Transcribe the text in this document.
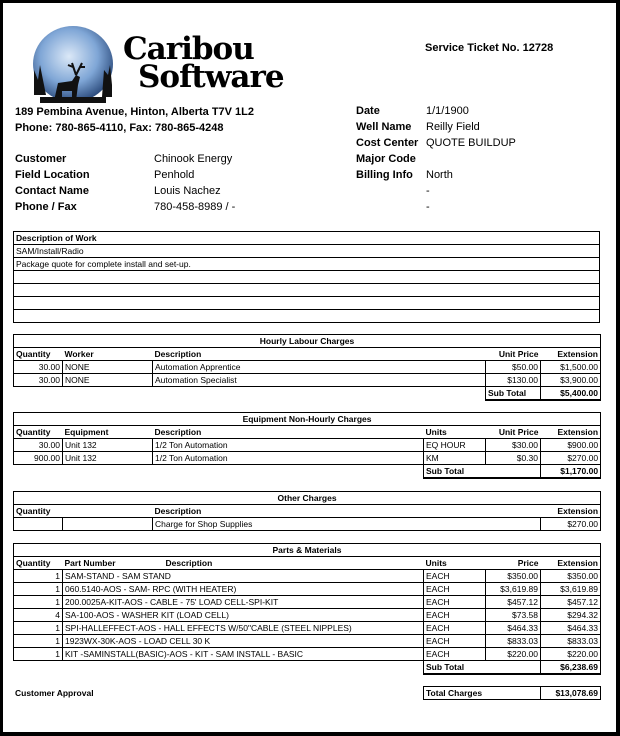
Caribou
Software
Service Ticket No. 12728
189 Pembina Avenue, Hinton, Alberta T7V 1L2
Phone: 780-865-4110, Fax: 780-865-4248
Customer	Chinook Energy
Field Location	Penhold
Contact Name	Louis Nachez
Phone / Fax	780-458-8989 / -
Date	1/1/1900
Well Name Reilly Field
Cost Center QUOTE BUILDUP
Major Code
Billing Info North
-
-
Description of Work
SAM/Install/Radio
Package quote for complete install and set-up.

Hourly Labour Charges				
Quantity	Worker	Description	Unit Price	Extension
30.00	NONE	Automation Apprentice	$50.00	$1,500.00
30.00	NONE	Automation Specialist	$130.00	$3,900.00
			Sub Total	$5,400.00
Equipment Non-Hourly Charges					
Quantity	Equipment	Description	Units	Unit Price	Extension
30.00	Unit 132	1/2 Ton Automation	EQ HOUR	$30.00	$900.00
900.00	Unit 132	1/2 Ton Automation	KM	$0.30	$270.00
			Sub Total		$1,170.00
Other Charges			
Quantity		Description	Extension
		Charge for Shop Supplies	$270.00
Parts & Materials				
Quantity	Part Number Description	Units	Price	Extension
1	SAM-STAND - SAM STAND	EACH	$350.00	$350.00
1	060.5140-AOS - SAM- RPC (WITH HEATER)	EACH	$3,619.89	$3,619.89
1	200.0025A-KIT-AOS - CABLE - 75' LOAD CELL-SPI-KIT	EACH	$457.12	$457.12
4	SA-100-AOS - WASHER KIT (LOAD CELL)	EACH	$73.58	$294.32
1	SPI-HALLEFFECT-AOS - HALL EFFECTS W/50"CABLE (STEEL NIPPLES)	EACH	$464.33	$464.33
1	1923WX-30K-AOS - LOAD CELL 30 K	EACH	$833.03	$833.03
1	KIT -SAMINSTALL(BASIC)-AOS - KIT - SAM INSTALL - BASIC	EACH	$220.00	$220.00
		Sub Total		$6,238.69
Customer Approval	Total Charges	$13,078.69
